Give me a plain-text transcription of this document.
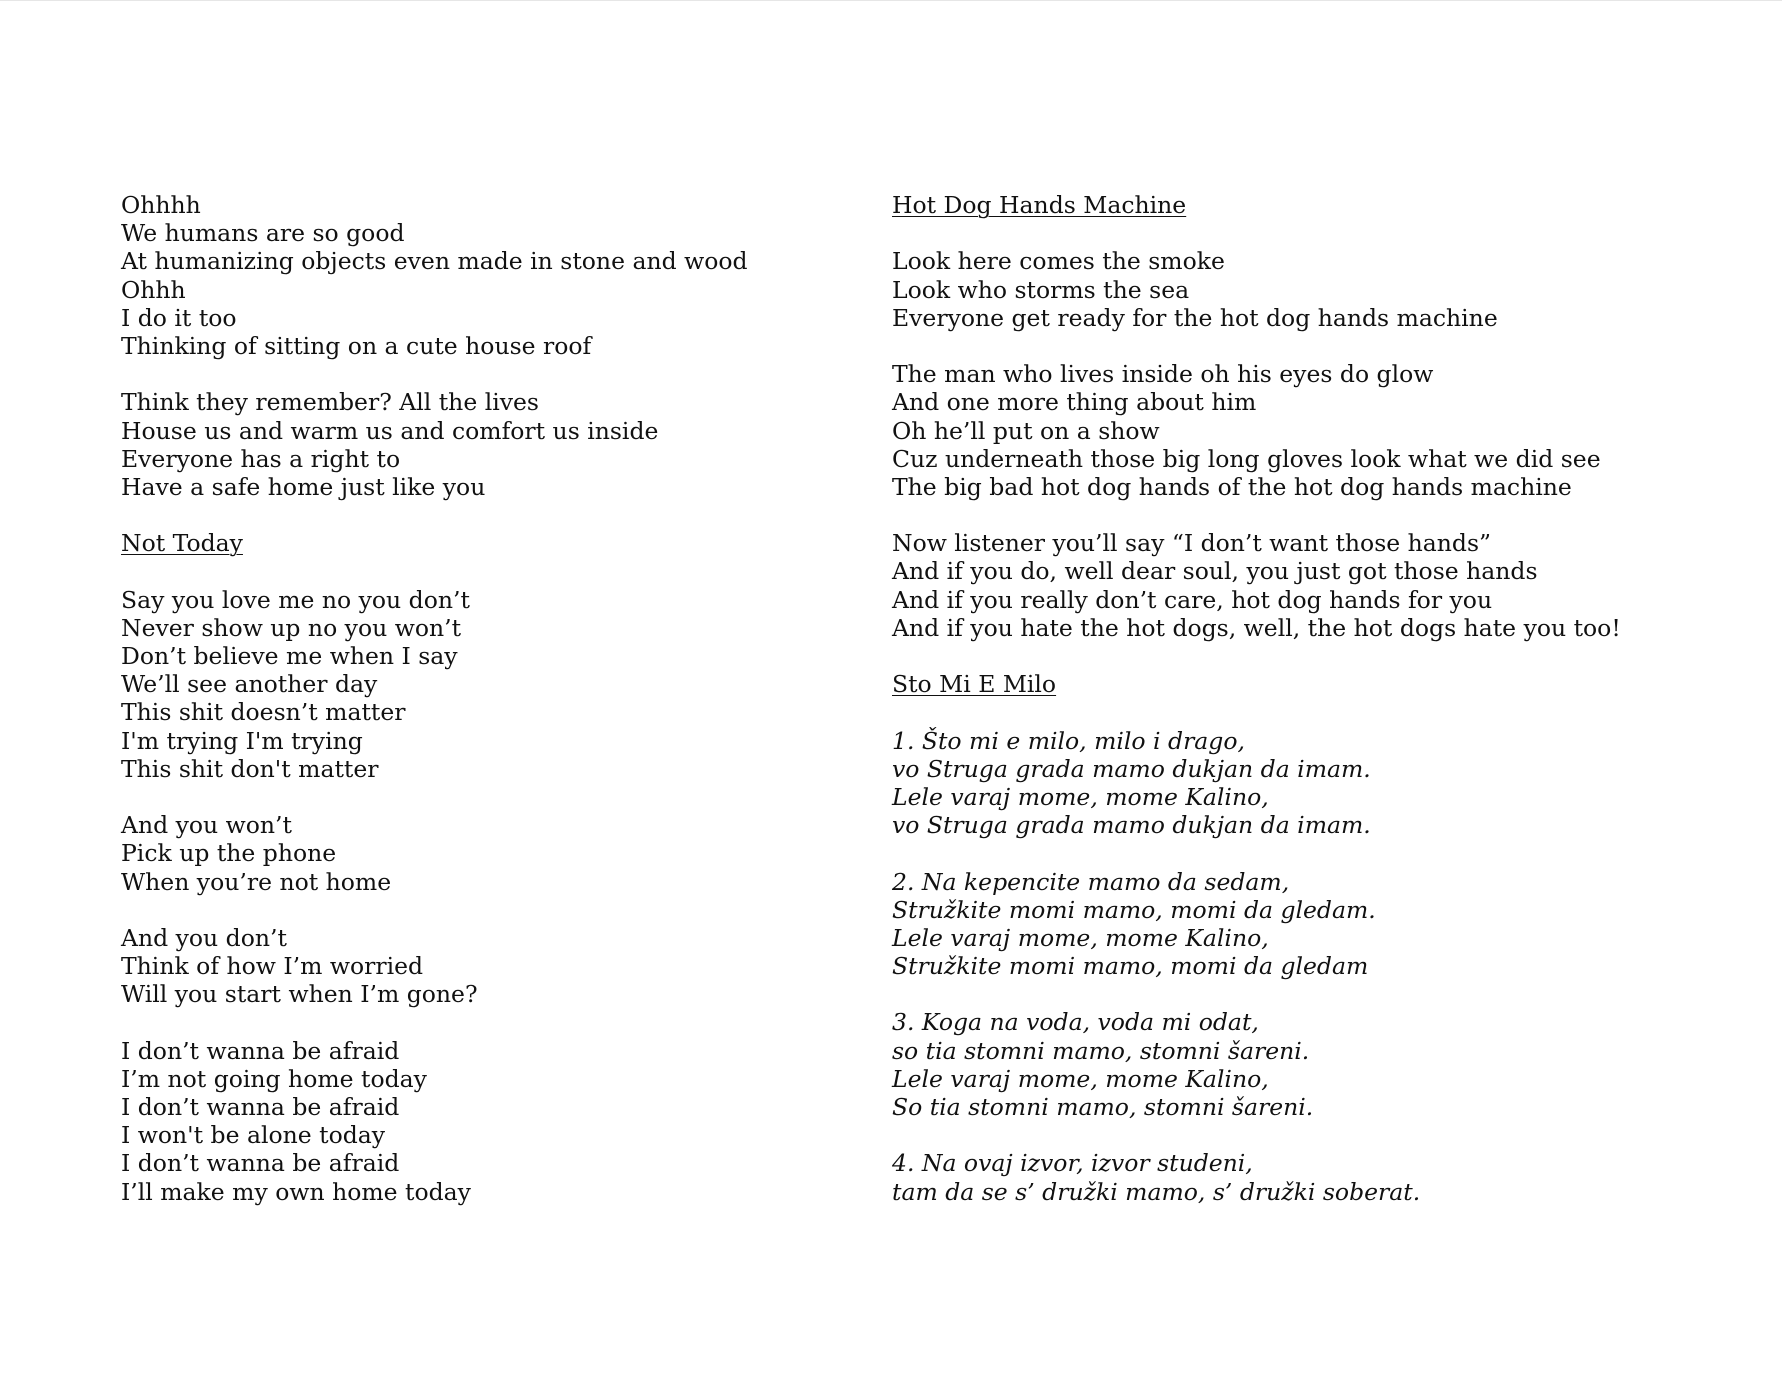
Ohhhh
We humans are so good
At humanizing objects even made in stone and wood
Ohhh
I do it too
Thinking of sitting on a cute house roof
Think they remember? All the lives
House us and warm us and comfort us inside
Everyone has a right to
Have a safe home just like you
Not Today
Say you love me no you don’t
Never show up no you won’t
Don’t believe me when I say
We’ll see another day
This shit doesn’t matter
I'm trying I'm trying
This shit don't matter
And you won’t
Pick up the phone
When you’re not home
And you don’t
Think of how I’m worried
Will you start when I’m gone?
I don’t wanna be afraid
I’m not going home today
I don’t wanna be afraid
I won't be alone today
I don’t wanna be afraid
I’ll make my own home today
Hot Dog Hands Machine
Look here comes the smoke
Look who storms the sea
Everyone get ready for the hot dog hands machine
The man who lives inside oh his eyes do glow
And one more thing about him
Oh he’ll put on a show
Cuz underneath those big long gloves look what we did see
The big bad hot dog hands of the hot dog hands machine
Now listener you’ll say “I don’t want those hands”
And if you do, well dear soul, you just got those hands
And if you really don’t care, hot dog hands for you
And if you hate the hot dogs, well, the hot dogs hate you too!
Sto Mi E Milo
1. Što mi e milo, milo i drago,
vo Struga grada mamo dukjan da imam.
Lele varaj mome, mome Kalino,
vo Struga grada mamo dukjan da imam.
2. Na kepencite mamo da sedam,
Stružkite momi mamo, momi da gledam.
Lele varaj mome, mome Kalino,
Stružkite momi mamo, momi da gledam
3. Koga na voda, voda mi odat,
so tia stomni mamo, stomni šareni.
Lele varaj mome, mome Kalino,
So tia stomni mamo, stomni šareni.
4. Na ovaj izvor, izvor studeni,
tam da se s’ družki mamo, s’ družki soberat.
